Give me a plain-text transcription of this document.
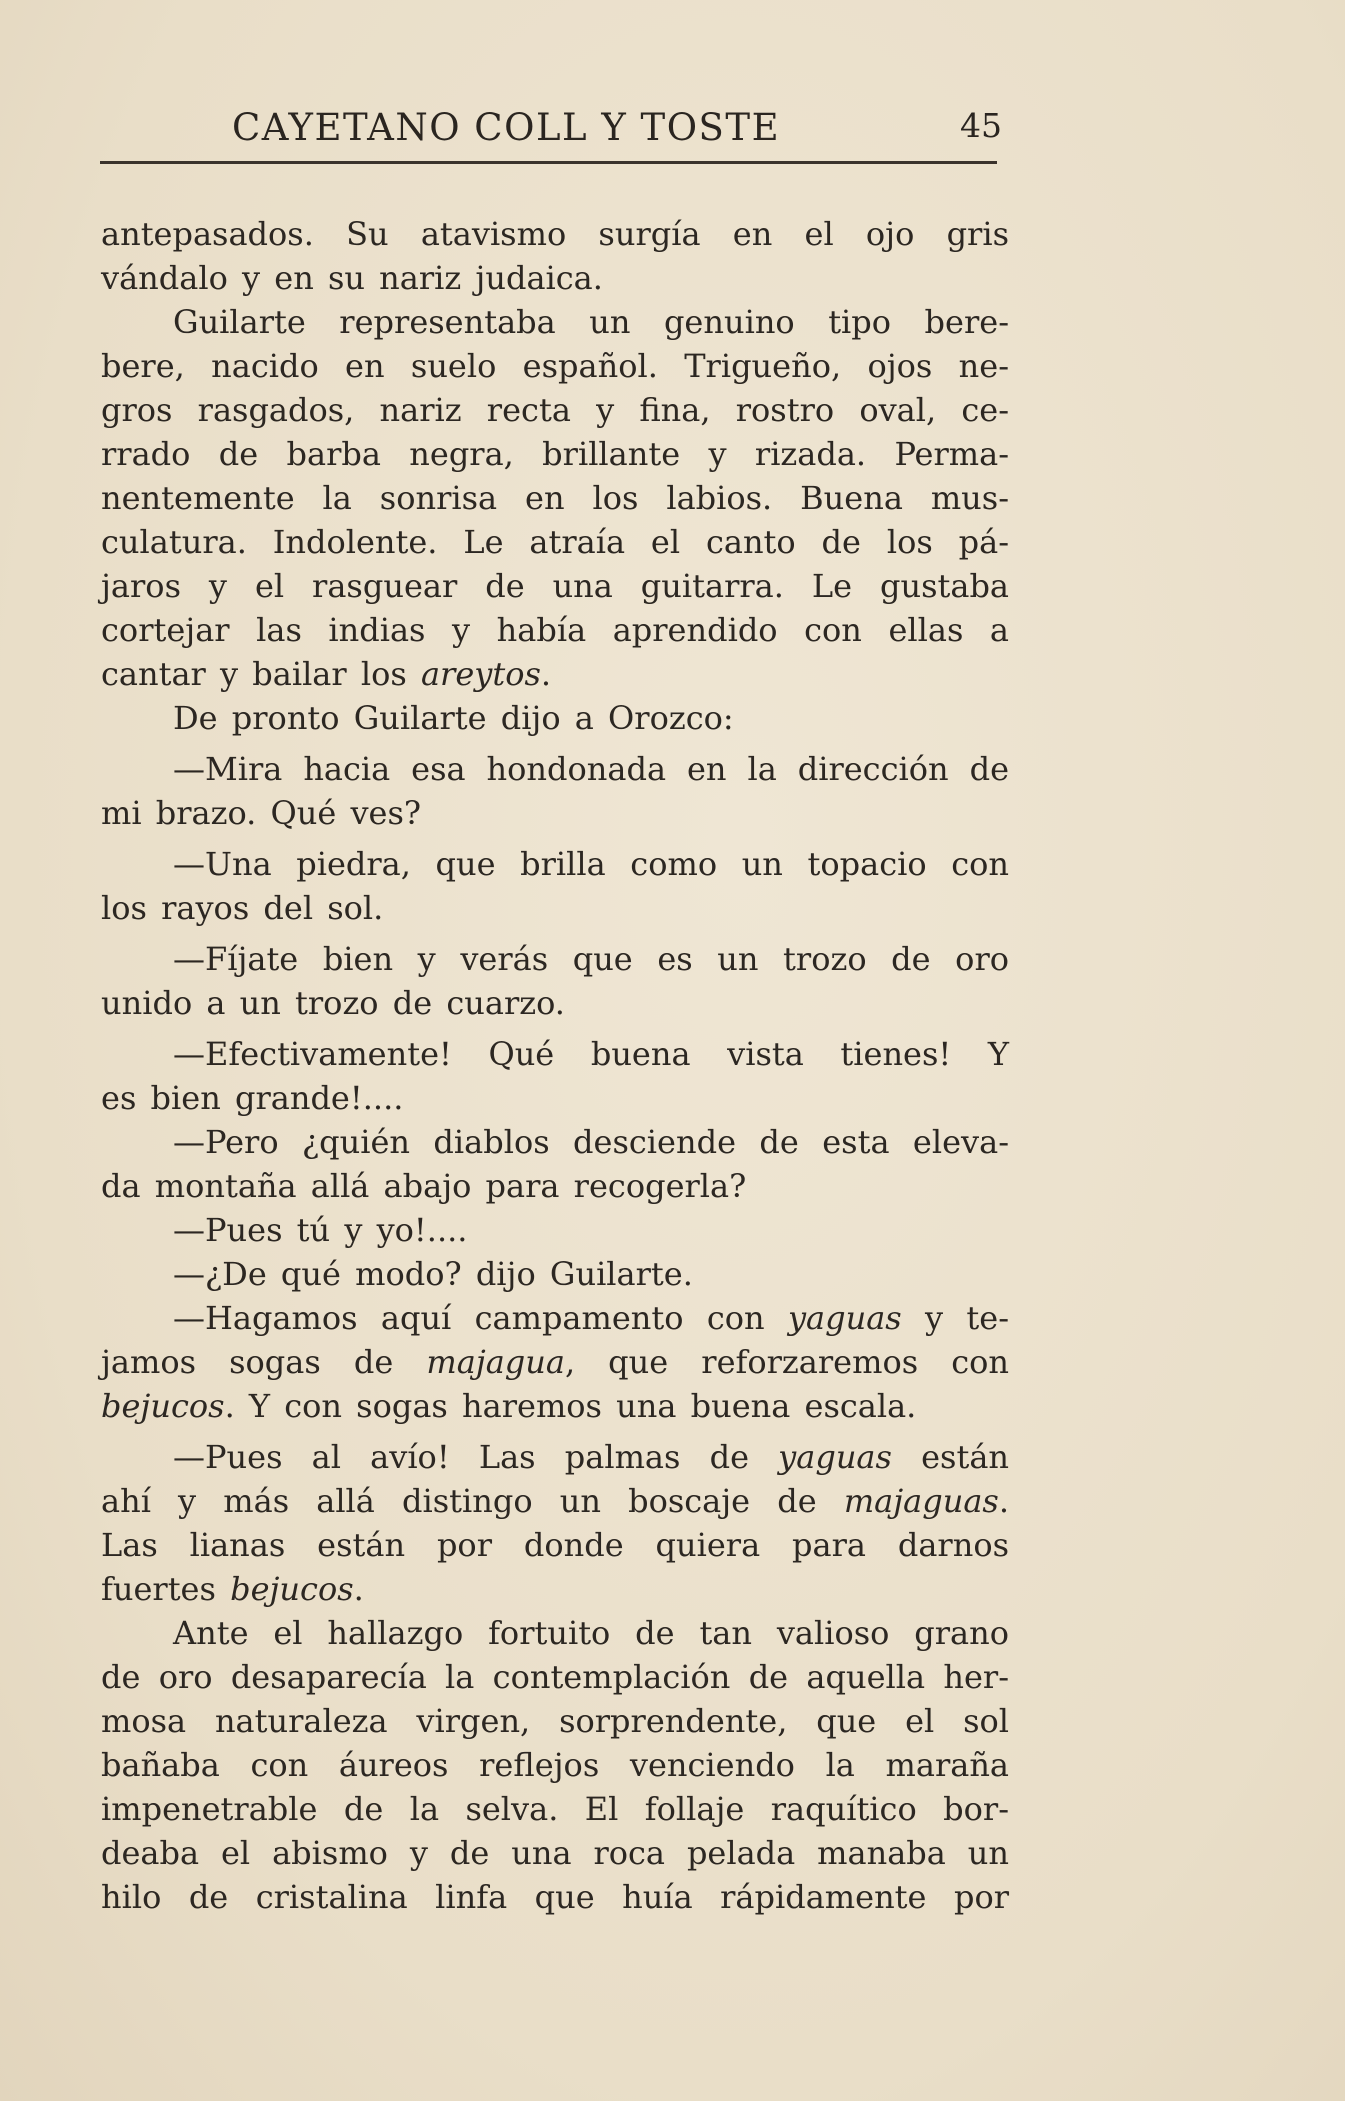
CAYETANO COLL Y TOSTE	45
antepasados. Su atavismo surgía en el ojo gris
vándalo y en su nariz judaica.
Guilarte representaba un genuino tipo bere-
bere, nacido en suelo español. Trigueño, ojos ne-
gros rasgados, nariz recta y fina, rostro oval, ce-
rrado de barba negra, brillante y rizada. Perma-
nentemente la sonrisa en los labios. Buena mus-
culatura. Indolente. Le atraía el canto de los pá-
jaros y el rasguear de una guitarra. Le gustaba
cortejar las indias y había aprendido con ellas a
cantar y bailar los areytos.
De pronto Guilarte dijo a Orozco:
—Mira hacia esa hondonada en la dirección de
mi brazo. Qué ves?
—Una piedra, que brilla como un topacio con
los rayos del sol.
—Fíjate bien y verás que es un trozo de oro
unido a un trozo de cuarzo.
—Efectivamente! Qué buena vista tienes! Y
es bien grande!....
—Pero ¿quién diablos desciende de esta eleva-
da montaña allá abajo para recogerla?
—Pues tú y yo!....
—¿De qué modo? dijo Guilarte.
—Hagamos aquí campamento con yaguas y te-
jamos sogas de majagua, que reforzaremos con
bejucos. Y con sogas haremos una buena escala.
—Pues al avío! Las palmas de yaguas están
ahí y más allá distingo un boscaje de majaguas.
Las lianas están por donde quiera para darnos
fuertes bejucos.
Ante el hallazgo fortuito de tan valioso grano
de oro desaparecía la contemplación de aquella her-
mosa naturaleza virgen, sorprendente, que el sol
bañaba con áureos reflejos venciendo la maraña
impenetrable de la selva. El follaje raquítico bor-
deaba el abismo y de una roca pelada manaba un
hilo de cristalina linfa que huía rápidamente por
